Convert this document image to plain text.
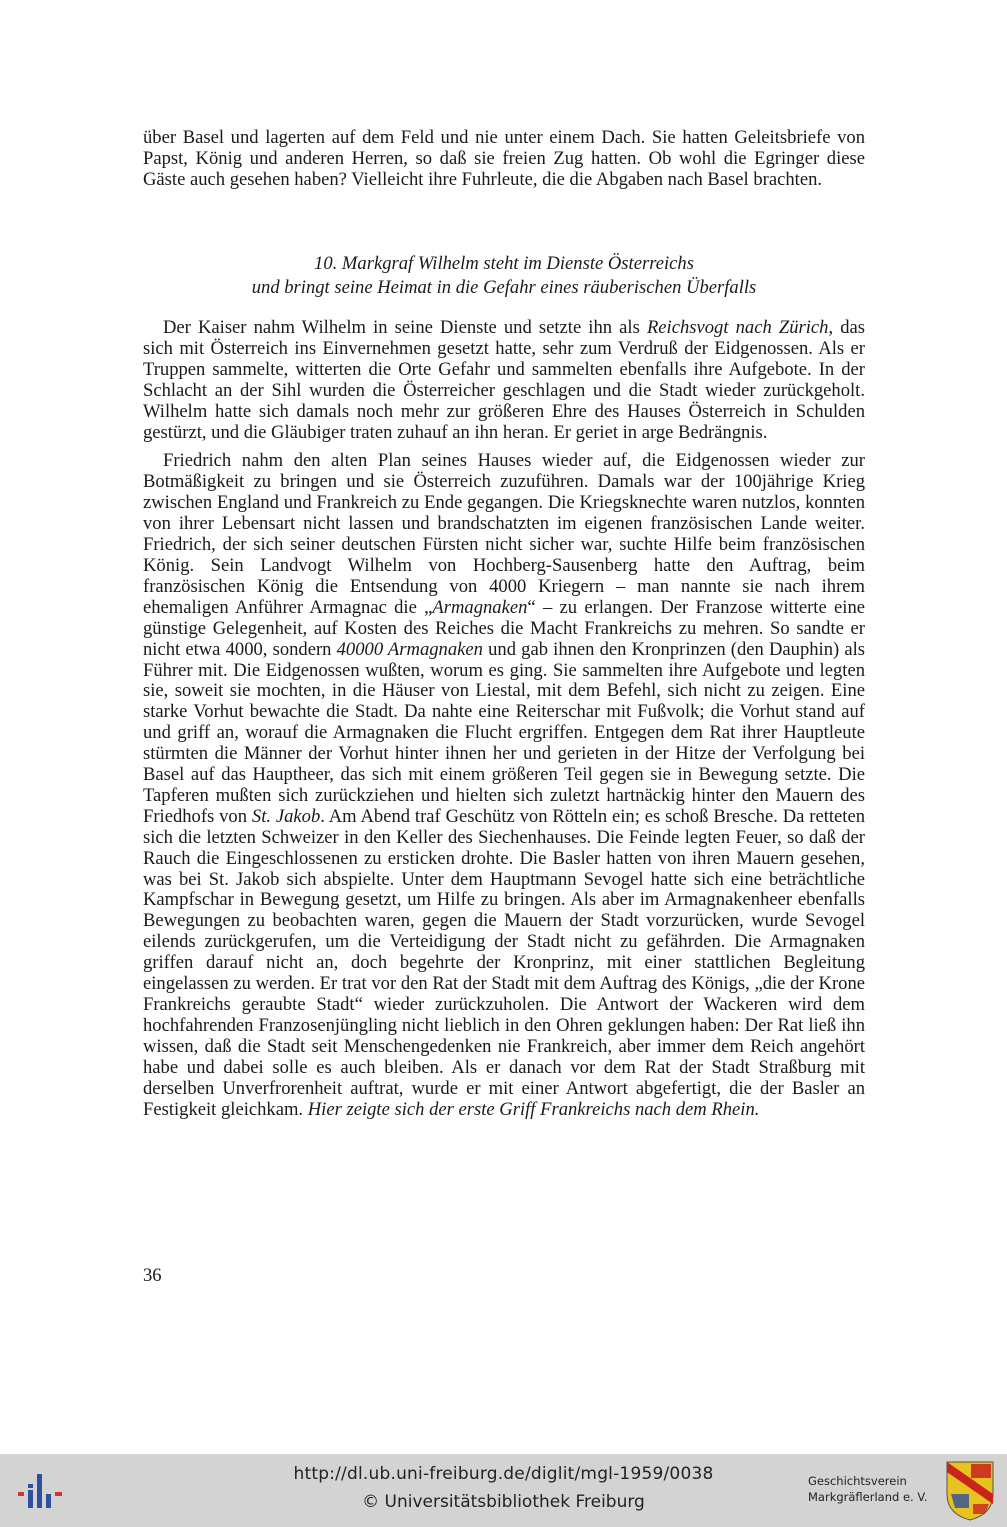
über Basel und lagerten auf dem Feld und nie unter einem Dach. Sie hatten Geleitsbriefe von Papst, König und anderen Herren, so daß sie freien Zug hatten. Ob wohl die Egringer diese Gäste auch gesehen haben? Vielleicht ihre Fuhrleute, die die Abgaben nach Basel brachten.

10. Markgraf Wilhelm steht im Dienste Österreichs
und bringt seine Heimat in die Gefahr eines räuberischen Überfalls

Der Kaiser nahm Wilhelm in seine Dienste und setzte ihn als Reichsvogt nach Zürich, das sich mit Österreich ins Einvernehmen gesetzt hatte, sehr zum Verdruß der Eidgenossen. Als er Truppen sammelte, witterten die Orte Gefahr und sammelten ebenfalls ihre Aufgebote. In der Schlacht an der Sihl wurden die Österreicher geschlagen und die Stadt wieder zurückgeholt. Wilhelm hatte sich damals noch mehr zur größeren Ehre des Hauses Österreich in Schulden gestürzt, und die Gläubiger traten zuhauf an ihn heran. Er geriet in arge Bedrängnis.

Friedrich nahm den alten Plan seines Hauses wieder auf, die Eidgenossen wieder zur Botmäßigkeit zu bringen und sie Österreich zuzuführen. Damals war der 100jährige Krieg zwischen England und Frankreich zu Ende gegangen. Die Kriegsknechte waren nutzlos, konnten von ihrer Lebensart nicht lassen und brandschatzten im eigenen französischen Lande weiter. Friedrich, der sich seiner deutschen Fürsten nicht sicher war, suchte Hilfe beim französischen König. Sein Landvogt Wilhelm von Hochberg-Sausenberg hatte den Auftrag, beim französischen König die Entsendung von 4000 Kriegern – man nannte sie nach ihrem ehemaligen Anführer Armagnac die „Armagnaken“ – zu erlangen. Der Franzose witterte eine günstige Gelegenheit, auf Kosten des Reiches die Macht Frankreichs zu mehren. So sandte er nicht etwa 4000, sondern 40000 Armagnaken und gab ihnen den Kronprinzen (den Dauphin) als Führer mit. Die Eidgenossen wußten, worum es ging. Sie sammelten ihre Aufgebote und legten sie, soweit sie mochten, in die Häuser von Liestal, mit dem Befehl, sich nicht zu zeigen. Eine starke Vorhut bewachte die Stadt. Da nahte eine Reiterschar mit Fußvolk; die Vorhut stand auf und griff an, worauf die Armagnaken die Flucht ergriffen. Entgegen dem Rat ihrer Hauptleute stürmten die Männer der Vorhut hinter ihnen her und gerieten in der Hitze der Verfolgung bei Basel auf das Hauptheer, das sich mit einem größeren Teil gegen sie in Bewegung setzte. Die Tapferen mußten sich zurückziehen und hielten sich zuletzt hartnäckig hinter den Mauern des Friedhofs von St. Jakob. Am Abend traf Geschütz von Rötteln ein; es schoß Bresche. Da retteten sich die letzten Schweizer in den Keller des Siechenhauses. Die Feinde legten Feuer, so daß der Rauch die Eingeschlossenen zu ersticken drohte. Die Basler hatten von ihren Mauern gesehen, was bei St. Jakob sich abspielte. Unter dem Hauptmann Sevogel hatte sich eine beträchtliche Kampfschar in Bewegung gesetzt, um Hilfe zu bringen. Als aber im Armagnakenheer ebenfalls Bewegungen zu beobachten waren, gegen die Mauern der Stadt vorzurücken, wurde Sevogel eilends zurückgerufen, um die Verteidigung der Stadt nicht zu gefährden. Die Armagnaken griffen darauf nicht an, doch begehrte der Kronprinz, mit einer stattlichen Begleitung eingelassen zu werden. Er trat vor den Rat der Stadt mit dem Auftrag des Königs, „die der Krone Frankreichs geraubte Stadt“ wieder zurückzuholen. Die Antwort der Wackeren wird dem hochfahrenden Franzosenjüngling nicht lieblich in den Ohren geklungen haben: Der Rat ließ ihn wissen, daß die Stadt seit Menschengedenken nie Frankreich, aber immer dem Reich angehört habe und dabei solle es auch bleiben. Als er danach vor dem Rat der Stadt Straßburg mit derselben Unverfrorenheit auftrat, wurde er mit einer Antwort abgefertigt, die der Basler an Festigkeit gleichkam. Hier zeigte sich der erste Griff Frankreichs nach dem Rhein.

36
http://dl.ub.uni-freiburg.de/diglit/mgl-1959/0038
© Universitätsbibliothek Freiburg
Geschichtsverein
Markgräflerland e. V.
